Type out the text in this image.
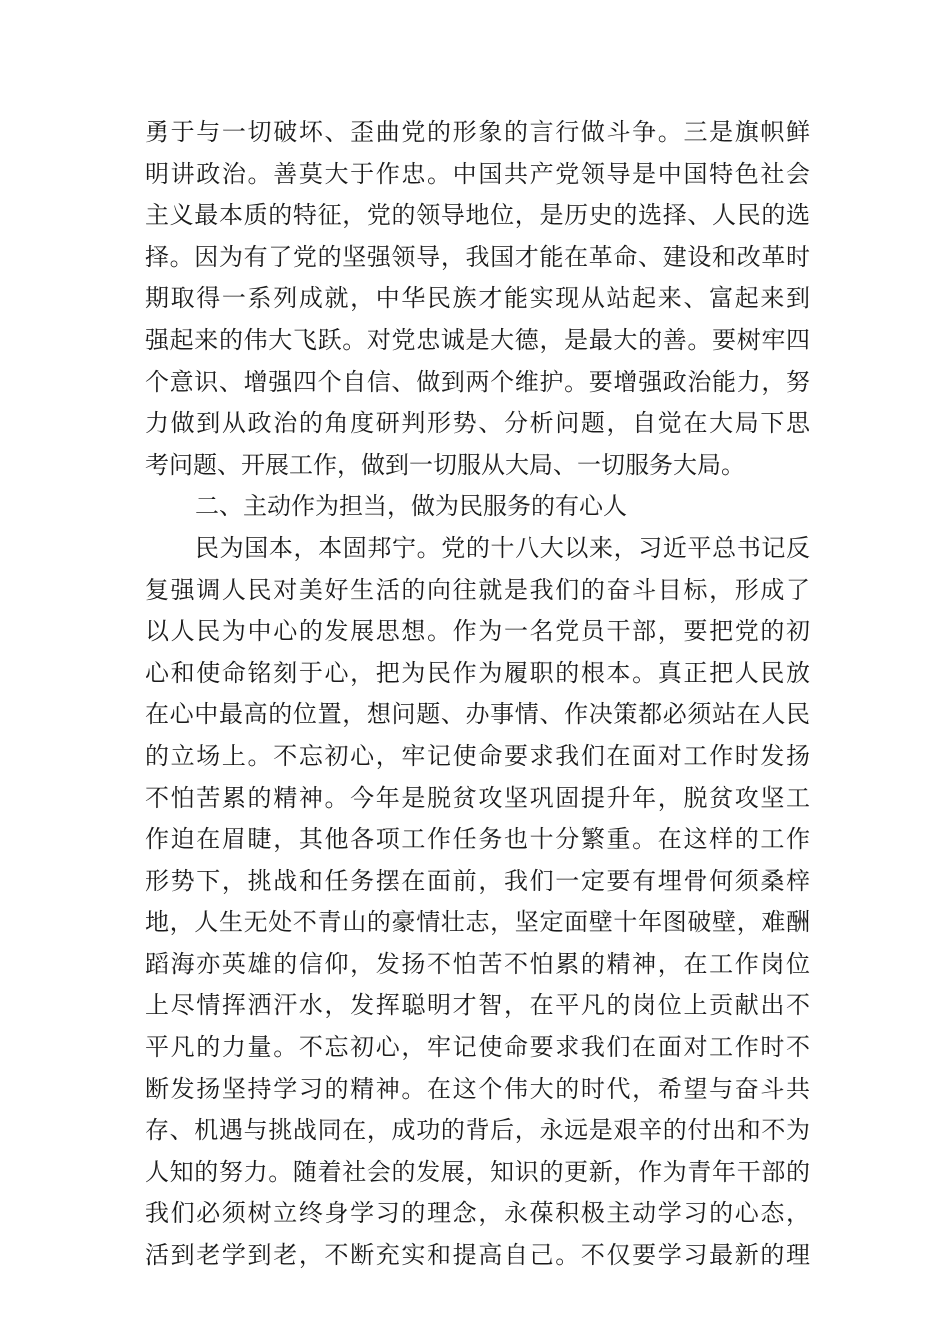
勇于与一切破坏、歪曲党的形象的言行做斗争。三是旗帜鲜
明讲政治。善莫大于作忠。中国共产党领导是中国特色社会
主义最本质的特征，党的领导地位，是历史的选择、人民的选
择。因为有了党的坚强领导，我国才能在革命、建设和改革时
期取得一系列成就，中华民族才能实现从站起来、富起来到
强起来的伟大飞跃。对党忠诚是大德，是最大的善。要树牢四
个意识、增强四个自信、做到两个维护。要增强政治能力，努
力做到从政治的角度研判形势、分析问题，自觉在大局下思
考问题、开展工作，做到一切服从大局、一切服务大局。
二、主动作为担当，做为民服务的有心人
民为国本，本固邦宁。党的十八大以来，习近平总书记反
复强调人民对美好生活的向往就是我们的奋斗目标，形成了
以人民为中心的发展思想。作为一名党员干部，要把党的初
心和使命铭刻于心，把为民作为履职的根本。真正把人民放
在心中最高的位置，想问题、办事情、作决策都必须站在人民
的立场上。不忘初心，牢记使命要求我们在面对工作时发扬
不怕苦累的精神。今年是脱贫攻坚巩固提升年，脱贫攻坚工
作迫在眉睫，其他各项工作任务也十分繁重。在这样的工作
形势下，挑战和任务摆在面前，我们一定要有埋骨何须桑梓
地，人生无处不青山的豪情壮志，坚定面壁十年图破壁，难酬
蹈海亦英雄的信仰，发扬不怕苦不怕累的精神，在工作岗位
上尽情挥洒汗水，发挥聪明才智，在平凡的岗位上贡献出不
平凡的力量。不忘初心，牢记使命要求我们在面对工作时不
断发扬坚持学习的精神。在这个伟大的时代，希望与奋斗共
存、机遇与挑战同在，成功的背后，永远是艰辛的付出和不为
人知的努力。随着社会的发展，知识的更新，作为青年干部的
我们必须树立终身学习的理念，永葆积极主动学习的心态，
活到老学到老，不断充实和提高自己。不仅要学习最新的理
